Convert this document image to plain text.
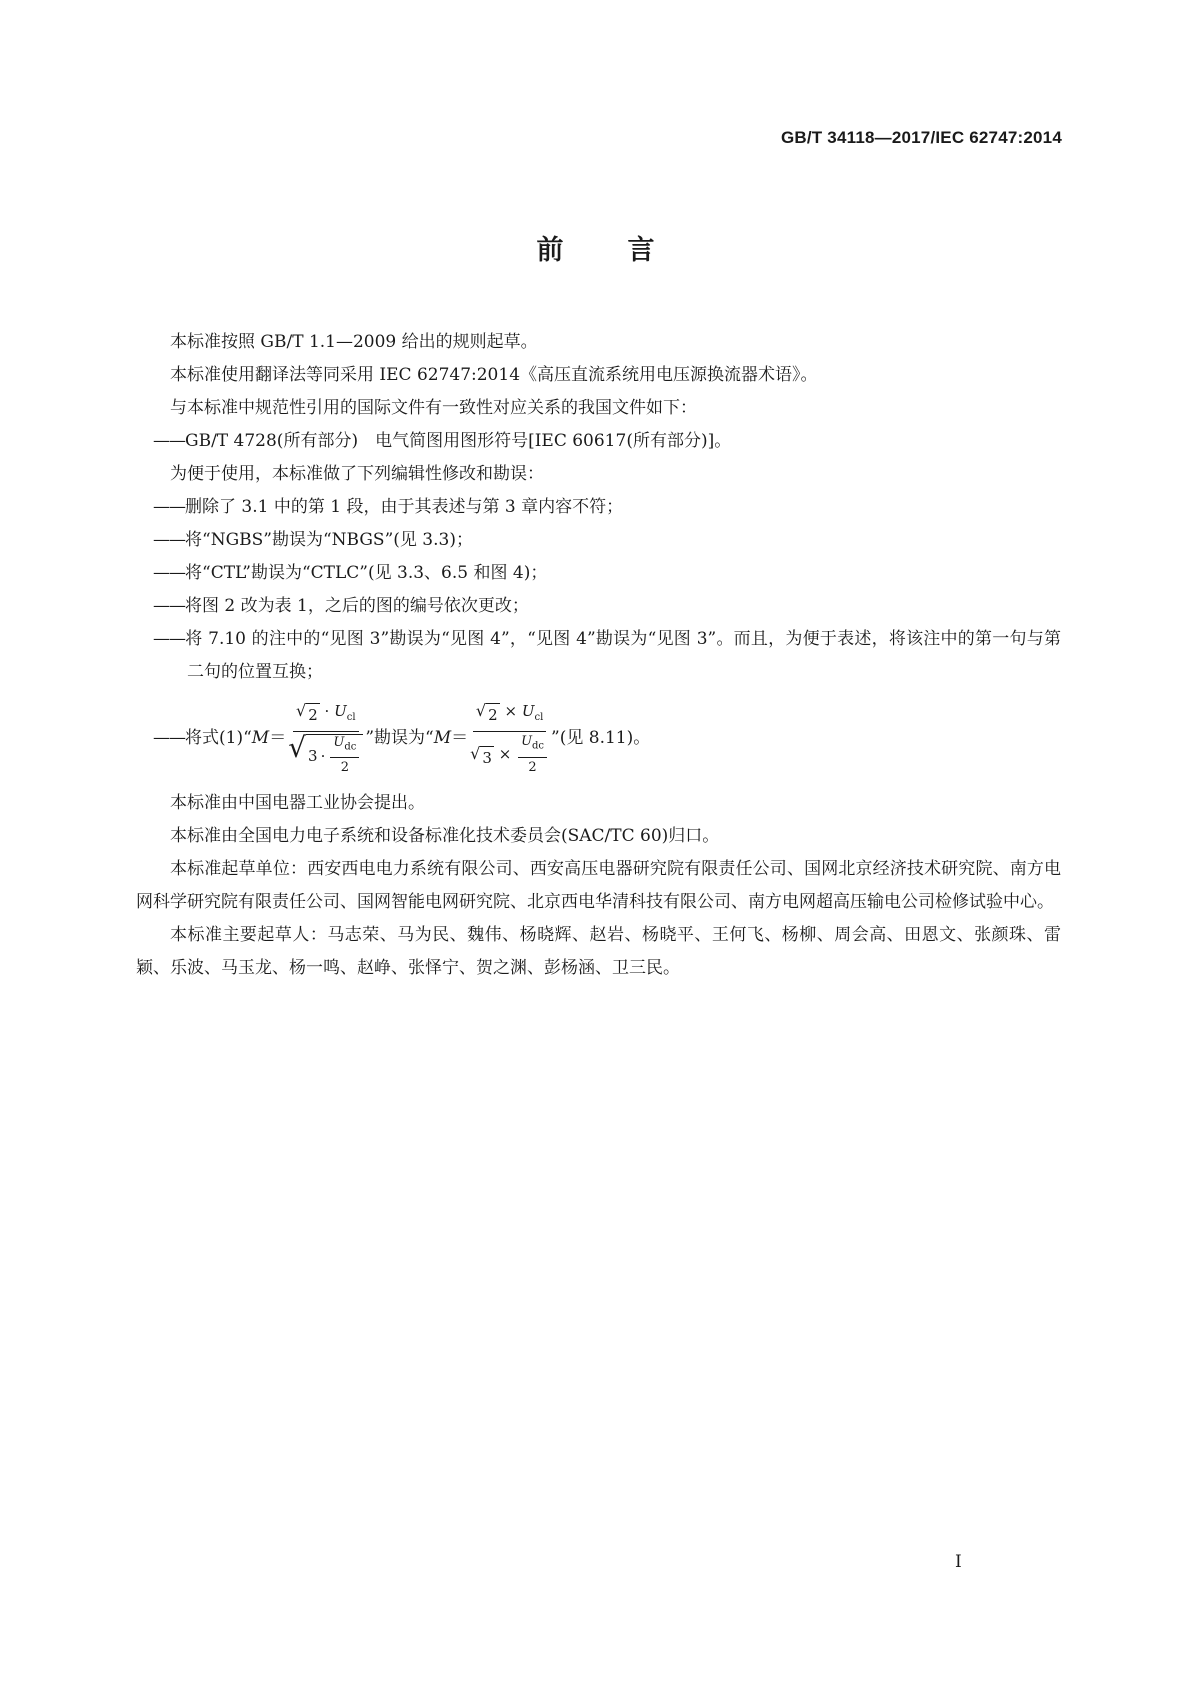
GB/T 34118—2017/IEC 62747:2014
前 言

本标准按照 GB/T 1.1—2009 给出的规则起草。

本标准使用翻译法等同采用 IEC 62747:2014《高压直流系统用电压源换流器术语》。

与本标准中规范性引用的国际文件有一致性对应关系的我国文件如下：

——GB/T 4728(所有部分)　电气简图用图形符号[IEC 60617(所有部分)]。

为便于使用，本标准做了下列编辑性修改和勘误：

——删除了 3.1 中的第 1 段，由于其表述与第 3 章内容不符；

——将“NGBS”勘误为“NBGS”(见 3.3)；

——将“CTL”勘误为“CTLC”(见 3.3、6.5 和图 4)；

——将图 2 改为表 1，之后的图的编号依次更改；

——将 7.10 的注中的“见图 3”勘误为“见图 4”，“见图 4”勘误为“见图 3”。而且，为便于表述，将该注中的第一句与第二句的位置互换；

—— 将式(1)“ M ＝
√ $2 \cdot U_{cl}$
√ $3 \cdot \frac{U_{dc}}{2}$ ”勘误为“ $M = \frac{√ 2 \times U_{cl}}{√ 3 \times \frac{U_{dc}}{2}}$ ”(见 8.11)。

本标准由中国电器工业协会提出。

本标准由全国电力电子系统和设备标准化技术委员会(SAC/TC 60)归口。

本标准起草单位：西安西电电力系统有限公司、西安高压电器研究院有限责任公司、国网北京经济技术研究院、南方电网科学研究院有限责任公司、国网智能电网研究院、北京西电华清科技有限公司、南方电网超高压输电公司检修试验中心。

本标准主要起草人：马志荣、马为民、魏伟、杨晓辉、赵岩、杨晓平、王何飞、杨柳、周会高、田恩文、张颜珠、雷颖、乐波、马玉龙、杨一鸣、赵峥、张怿宁、贺之渊、彭杨涵、卫三民。

I
